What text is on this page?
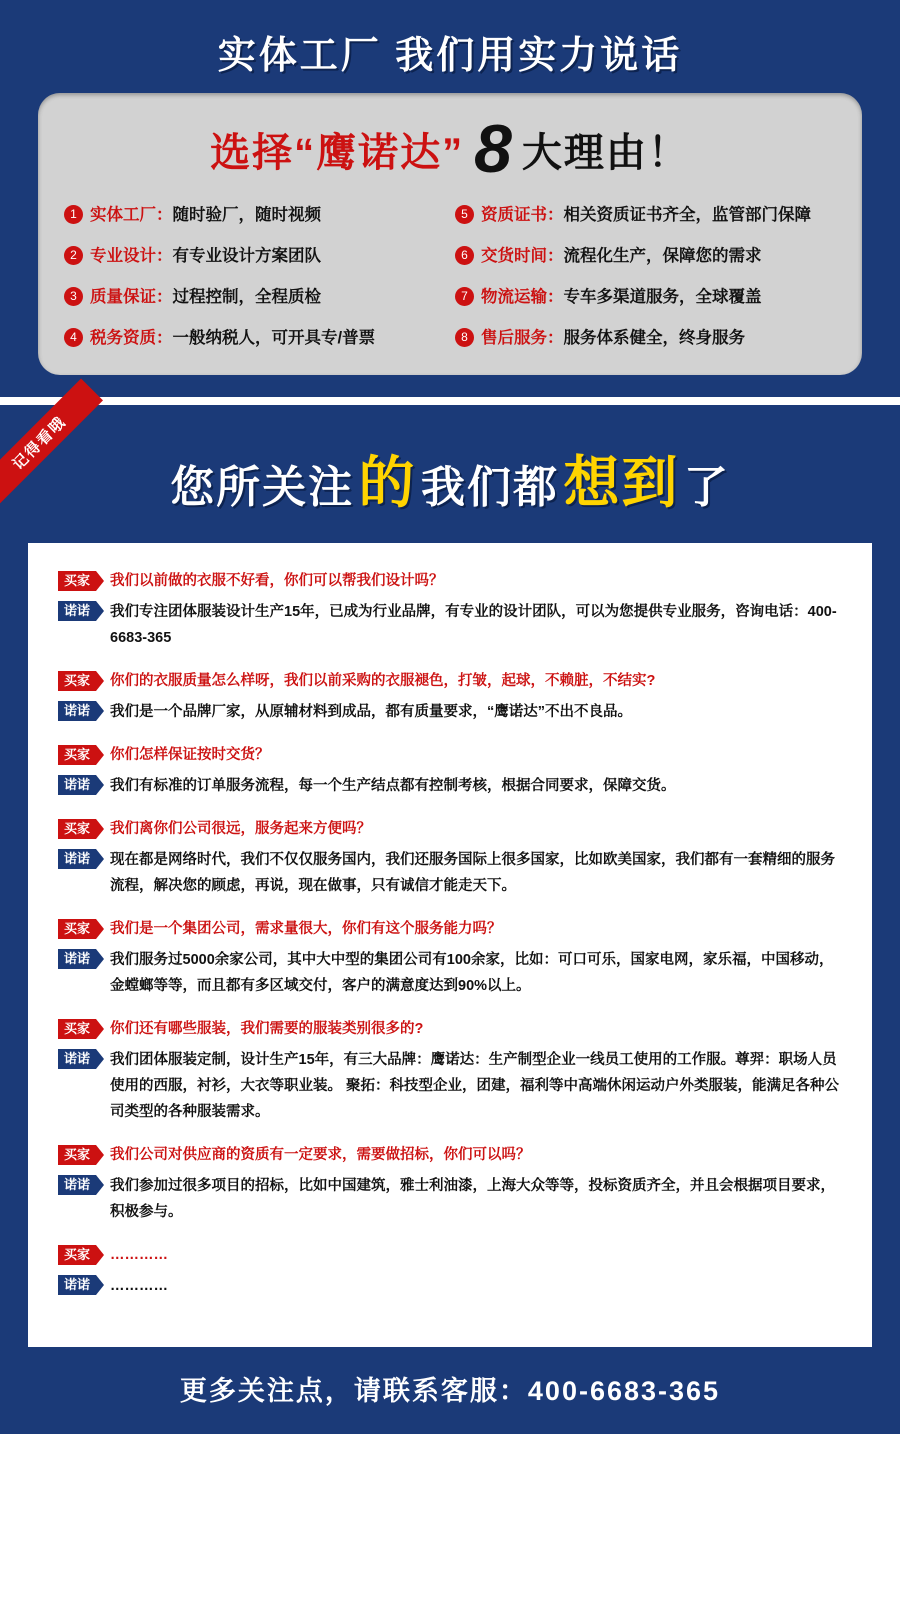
实体工厂 我们用实力说话
选择“鹰诺达” 8 大理由！
1 实体工厂： 随时验厂，随时视频	5 资质证书： 相关资质证书齐全，监管部门保障
2 专业设计： 有专业设计方案团队	6 交货时间： 流程化生产，保障您的需求
3 质量保证： 过程控制，全程质检	7 物流运输： 专车多渠道服务，全球覆盖
4 税务资质： 一般纳税人，可开具专/普票	8 售后服务： 服务体系健全，终身服务
记得看哦
您所关注 的 我们都 想到 了
买家	我们以前做的衣服不好看，你们可以帮我们设计吗？
诺诺	我们专注团体服装设计生产15年，已成为行业品牌，有专业的设计团队，可以为您提供专业服务，咨询电话：400-6683-365
买家	你们的衣服质量怎么样呀，我们以前采购的衣服褪色，打皱，起球，不赖脏，不结实?
诺诺	我们是一个品牌厂家，从原辅材料到成品，都有质量要求，“鹰诺达”不出不良品。
买家	你们怎样保证按时交货？
诺诺	我们有标准的订单服务流程，每一个生产结点都有控制考核，根据合同要求，保障交货。
买家	我们离你们公司很远，服务起来方便吗？
诺诺	现在都是网络时代，我们不仅仅服务国内，我们还服务国际上很多国家，比如欧美国家，我们都有一套精细的服务流程，解决您的顾虑，再说，现在做事，只有诚信才能走天下。
买家	我们是一个集团公司，需求量很大，你们有这个服务能力吗？
诺诺	我们服务过5000余家公司，其中大中型的集团公司有100余家，比如：可口可乐，国家电网，家乐福，中国移动，金螳螂等等，而且都有多区域交付，客户的满意度达到90%以上。
买家	你们还有哪些服装，我们需要的服装类别很多的?
诺诺	我们团体服装定制，设计生产15年，有三大品牌：鹰诺达：生产制型企业一线员工使用的工作服。尊羿：职场人员使用的西服，衬衫，大衣等职业装。 聚拓：科技型企业，团建，福利等中高端休闲运动户外类服装，能满足各种公司类型的各种服装需求。
买家	我们公司对供应商的资质有一定要求，需要做招标，你们可以吗？
诺诺	我们参加过很多项目的招标，比如中国建筑，雅士利油漆，上海大众等等，投标资质齐全，并且会根据项目要求，积极参与。
买家	…………
诺诺	…………
更多关注点，请联系客服：400-6683-365
